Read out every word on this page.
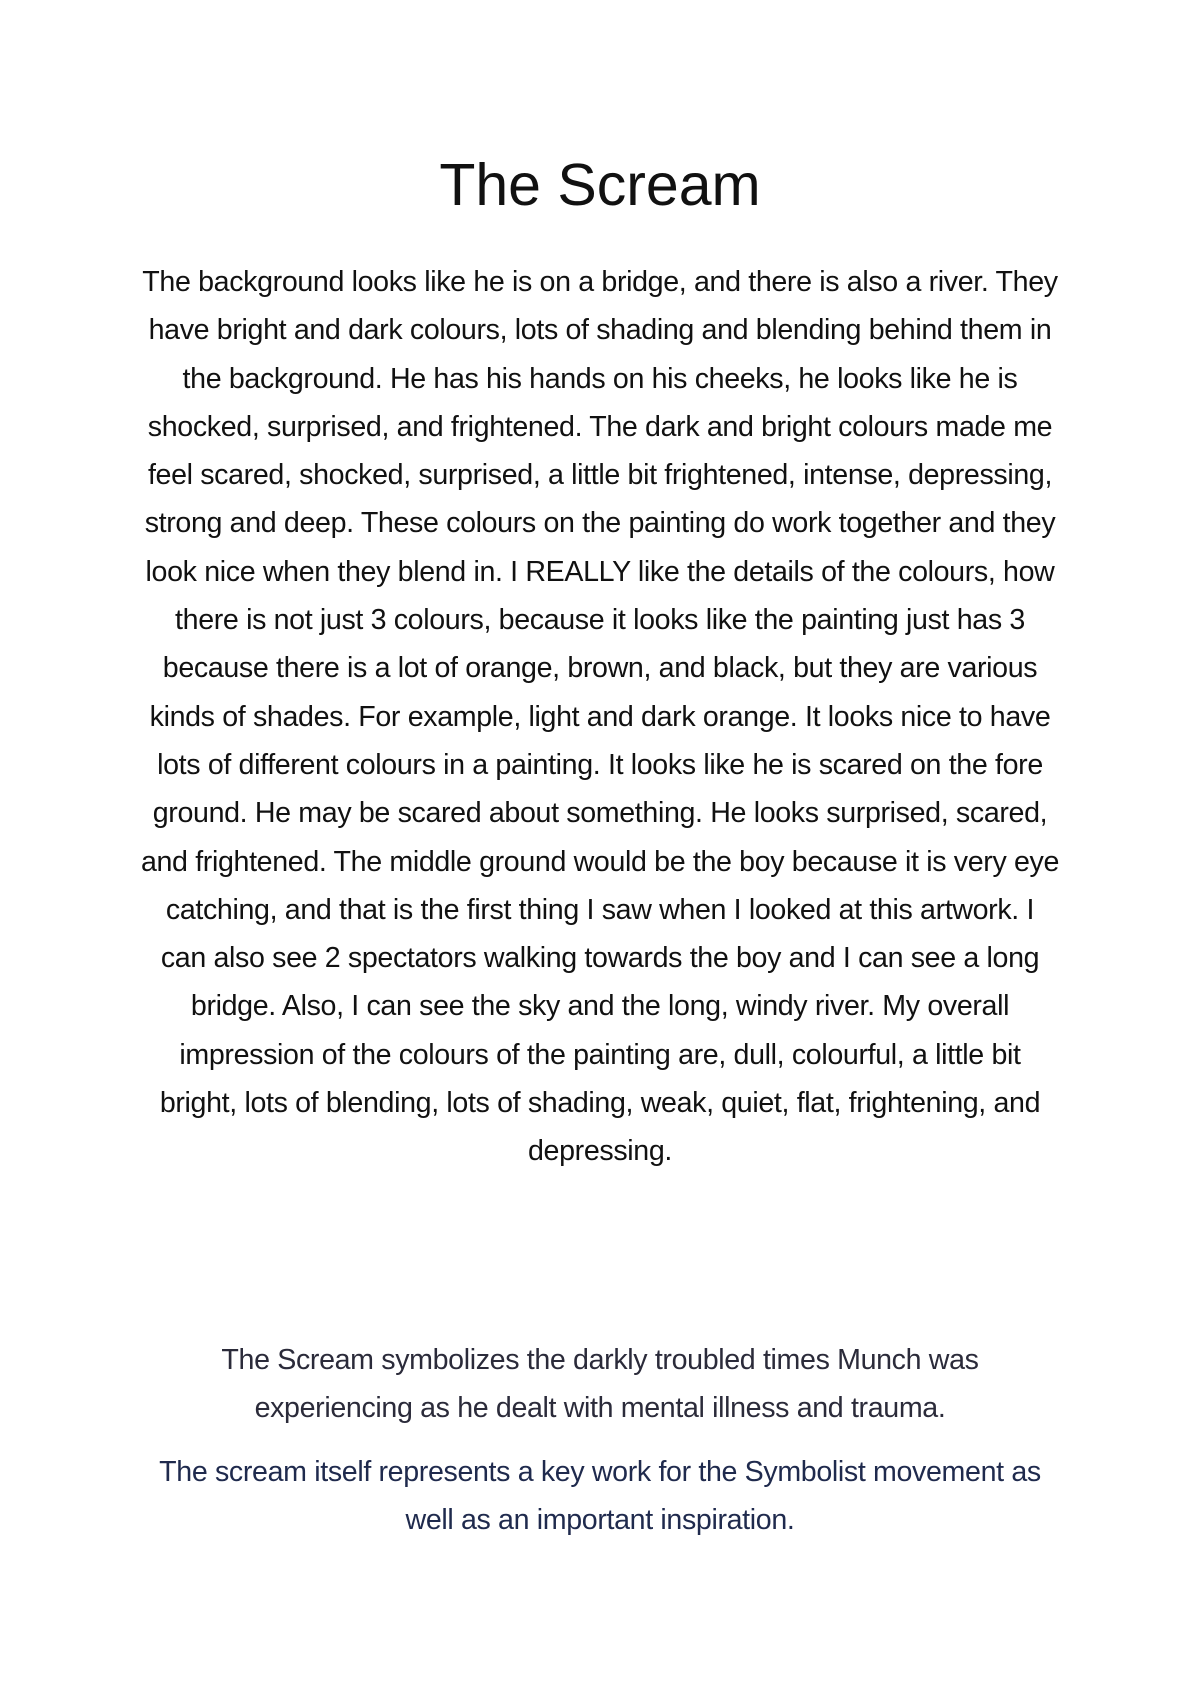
The Scream

The background looks like he is on a bridge, and there is also a river. They have bright and dark colours, lots of shading and blending behind them in the background. He has his hands on his cheeks, he looks like he is shocked, surprised, and frightened. The dark and bright colours made me feel scared, shocked, surprised, a little bit frightened, intense, depressing, strong and deep. These colours on the painting do work together and they look nice when they blend in. I REALLY like the details of the colours, how there is not just 3 colours, because it looks like the painting just has 3 because there is a lot of orange, brown, and black, but they are various kinds of shades. For example, light and dark orange. It looks nice to have lots of different colours in a painting. It looks like he is scared on the fore ground. He may be scared about something. He looks surprised, scared, and frightened. The middle ground would be the boy because it is very eye catching, and that is the first thing I saw when I looked at this artwork. I can also see 2 spectators walking towards the boy and I can see a long bridge. Also, I can see the sky and the long, windy river. My overall impression of the colours of the painting are, dull, colourful, a little bit bright, lots of blending, lots of shading, weak, quiet, flat, frightening, and depressing.

The Scream symbolizes the darkly troubled times Munch was experiencing as he dealt with mental illness and trauma.

The scream itself represents a key work for the Symbolist movement as well as an important inspiration.
